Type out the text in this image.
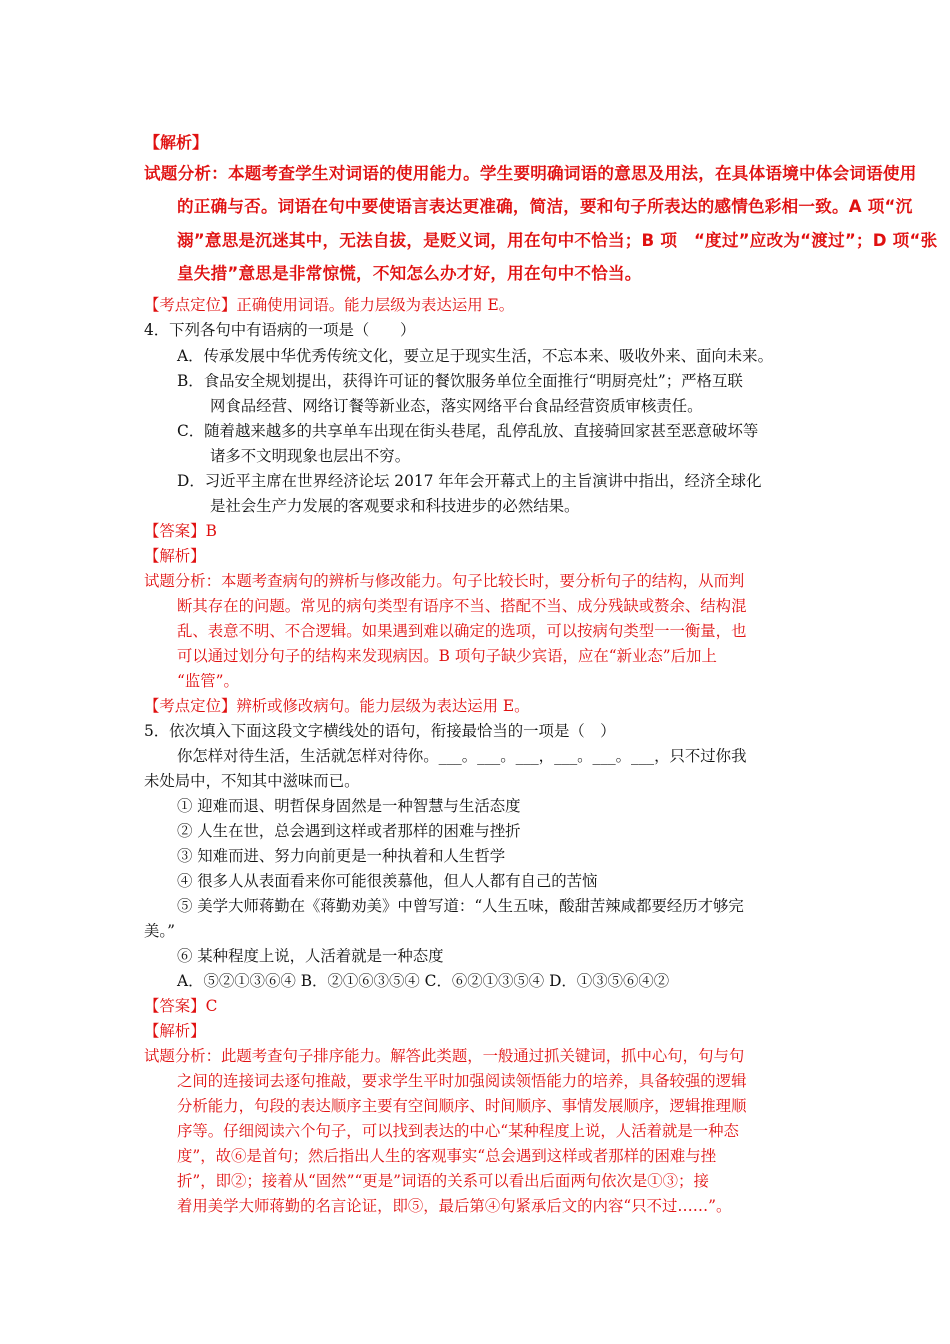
【解析】
试题分析：本题考查学生对词语的使用能力。学生要明确词语的意思及用法，在具体语境中体会词语使用
的正确与否。词语在句中要使语言表达更准确，简洁，要和句子所表达的感情色彩相一致。A 项“沉
溺”意思是沉迷其中，无法自拔，是贬义词，用在句中不恰当；B 项　“度过”应改为“渡过”；D 项“张
皇失措”意思是非常惊慌，不知怎么办才好，用在句中不恰当。
【考点定位】正确使用词语。能力层级为表达运用 E。
4．下列各句中有语病的一项是（　　）
A．传承发展中华优秀传统文化，要立足于现实生活，不忘本来、吸收外来、面向未来。
B．食品安全规划提出，获得许可证的餐饮服务单位全面推行“明厨亮灶”；严格互联
网食品经营、网络订餐等新业态，落实网络平台食品经营资质审核责任。
C．随着越来越多的共享单车出现在街头巷尾，乱停乱放、直接骑回家甚至恶意破坏等
诸多不文明现象也层出不穷。
D．习近平主席在世界经济论坛 2017 年年会开幕式上的主旨演讲中指出，经济全球化
是社会生产力发展的客观要求和科技进步的必然结果。
【答案】B
【解析】
试题分析：本题考查病句的辨析与修改能力。句子比较长时，要分析句子的结构，从而判
断其存在的问题。常见的病句类型有语序不当、搭配不当、成分残缺或赘余、结构混
乱、表意不明、不合逻辑。如果遇到难以确定的选项，可以按病句类型一一衡量，也
可以通过划分句子的结构来发现病因。B 项句子缺少宾语，应在“新业态”后加上
“监管”。
【考点定位】辨析或修改病句。能力层级为表达运用 E。
5．依次填入下面这段文字横线处的语句，衔接最恰当的一项是（　）
你怎样对待生活，生活就怎样对待你。___。___。___，___。___。___，只不过你我
未处局中，不知其中滋味而已。
① 迎难而退、明哲保身固然是一种智慧与生活态度
② 人生在世，总会遇到这样或者那样的困难与挫折
③ 知难而进、努力向前更是一种执着和人生哲学
④ 很多人从表面看来你可能很羡慕他，但人人都有自己的苦恼
⑤ 美学大师蒋勤在《蒋勤劝美》中曾写道：“人生五味，酸甜苦辣咸都要经历才够完
美。”
⑥ 某种程度上说，人活着就是一种态度
A．⑤②①③⑥④ B．②①⑥③⑤④ C．⑥②①③⑤④ D．①③⑤⑥④②
【答案】C
【解析】
试题分析：此题考查句子排序能力。解答此类题，一般通过抓关键词，抓中心句，句与句
之间的连接词去逐句推敲，要求学生平时加强阅读领悟能力的培养，具备较强的逻辑
分析能力，句段的表达顺序主要有空间顺序、时间顺序、事情发展顺序，逻辑推理顺
序等。仔细阅读六个句子，可以找到表达的中心“某种程度上说，人活着就是一种态
度”，故⑥是首句；然后指出人生的客观事实“总会遇到这样或者那样的困难与挫
折”，即②；接着从“固然”“更是”词语的关系可以看出后面两句依次是①③；接
着用美学大师蒋勤的名言论证，即⑤，最后第④句紧承后文的内容“只不过……”。
